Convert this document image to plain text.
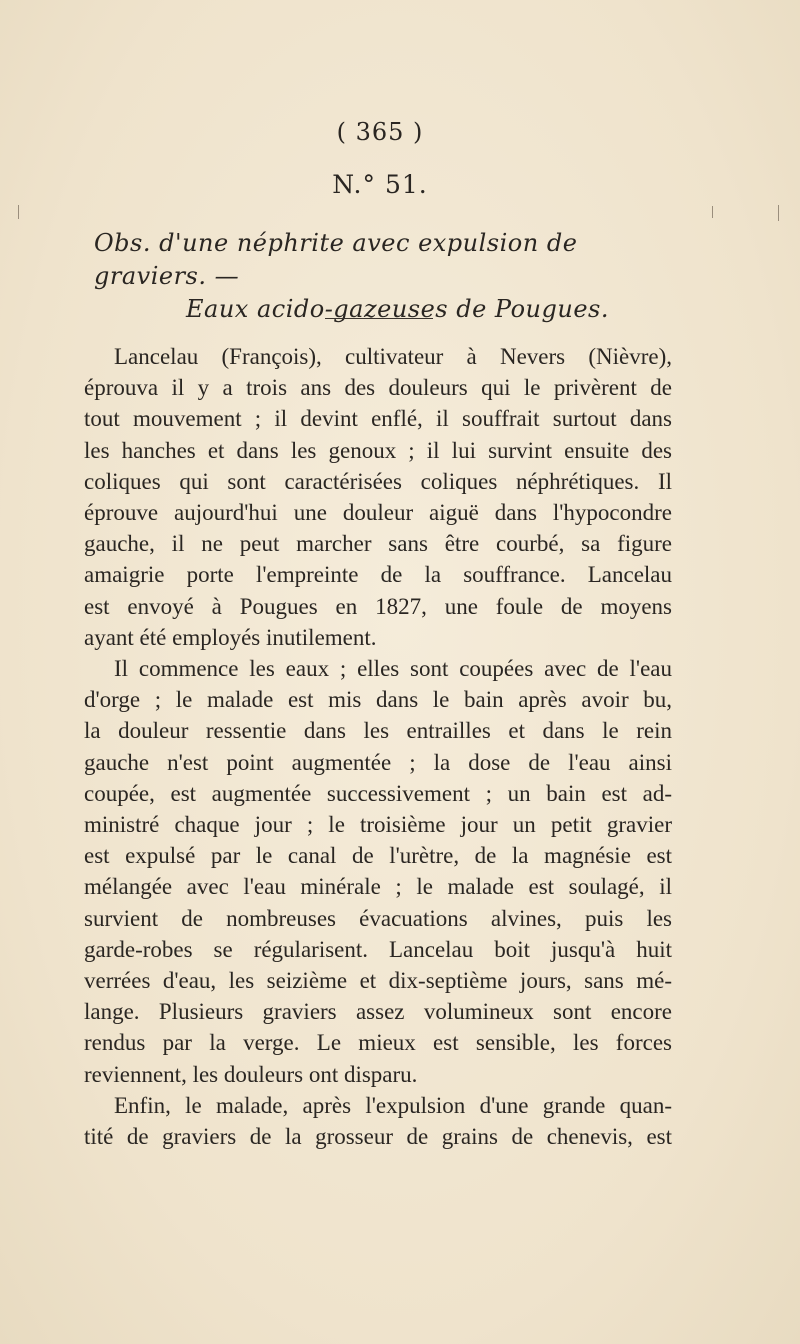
( 365 )
N.° 51.
Obs. d'une néphrite avec expulsion de graviers. —
Eaux acido-gazeuses de Pougues.
Lancelau (François), cultivateur à Nevers (Nièvre),
éprouva il y a trois ans des douleurs qui le privèrent de
tout mouvement ; il devint enflé, il souffrait surtout dans
les hanches et dans les genoux ; il lui survint ensuite des
coliques qui sont caractérisées coliques néphrétiques. Il
éprouve aujourd'hui une douleur aiguë dans l'hypocondre
gauche, il ne peut marcher sans être courbé, sa figure
amaigrie porte l'empreinte de la souffrance. Lancelau
est envoyé à Pougues en 1827, une foule de moyens
ayant été employés inutilement.
Il commence les eaux ; elles sont coupées avec de l'eau
d'orge ; le malade est mis dans le bain après avoir bu,
la douleur ressentie dans les entrailles et dans le rein
gauche n'est point augmentée ; la dose de l'eau ainsi
coupée, est augmentée successivement ; un bain est ad-
ministré chaque jour ; le troisième jour un petit gravier
est expulsé par le canal de l'urètre, de la magnésie est
mélangée avec l'eau minérale ; le malade est soulagé, il
survient de nombreuses évacuations alvines, puis les
garde-robes se régularisent. Lancelau boit jusqu'à huit
verrées d'eau, les seizième et dix-septième jours, sans mé-
lange. Plusieurs graviers assez volumineux sont encore
rendus par la verge. Le mieux est sensible, les forces
reviennent, les douleurs ont disparu.
Enfin, le malade, après l'expulsion d'une grande quan-
tité de graviers de la grosseur de grains de chenevis, est
